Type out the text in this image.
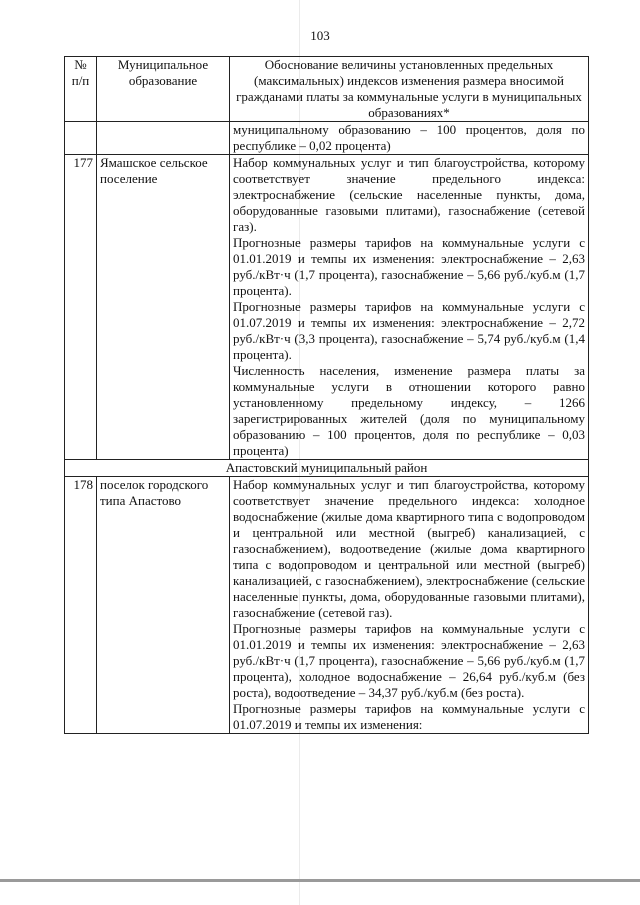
103
№ п/п	Муниципальное образование	Обоснование величины установленных предельных (максимальных) индексов изменения размера вносимой гражданами платы за коммунальные услуги в муниципальных образованиях*
		муниципальному образованию – 100 процентов, доля по республике – 0,02 процента)
177	Ямашское сельское поселение	Набор коммунальных услуг и тип благоустройства, которому соответствует значение предельного индекса: электроснабжение (сельские населенные пункты, дома, оборудованные газовыми плитами), газоснабжение (сетевой газ).

Прогнозные размеры тарифов на коммунальные услуги с 01.01.2019 и темпы их изменения: электроснабжение – 2,63 руб./кВт·ч (1,7 процента), газоснабжение – 5,66 руб./куб.м (1,7 процента).

Прогнозные размеры тарифов на коммунальные услуги с 01.07.2019 и темпы их изменения: электроснабжение – 2,72 руб./кВт·ч (3,3 процента), газоснабжение – 5,74 руб./куб.м (1,4 процента).

Численность населения, изменение размера платы за коммунальные услуги в отношении которого равно установленному предельному индексу, – 1266 зарегистрированных жителей (доля по муниципальному образованию – 100 процентов, доля по республике – 0,03 процента)

Апастовский муниципальный район		
178	поселок городского типа Апастово	Набор коммунальных услуг и тип благоустройства, которому соответствует значение предельного индекса: холодное водоснабжение (жилые дома квартирного типа с водопроводом и центральной или местной (выгреб) канализацией, с газоснабжением), водоотведение (жилые дома квартирного типа с водопроводом и центральной или местной (выгреб) канализацией, с газоснабжением), электроснабжение (сельские населенные пункты, дома, оборудованные газовыми плитами), газоснабжение (сетевой газ).

Прогнозные размеры тарифов на коммунальные услуги с 01.01.2019 и темпы их изменения: электроснабжение – 2,63 руб./кВт·ч (1,7 процента), газоснабжение – 5,66 руб./куб.м (1,7 процента), холодное водоснабжение – 26,64 руб./куб.м (без роста), водоотведение – 34,37 руб./куб.м (без роста).

Прогнозные размеры тарифов на коммунальные услуги с 01.07.2019 и темпы их изменения:
